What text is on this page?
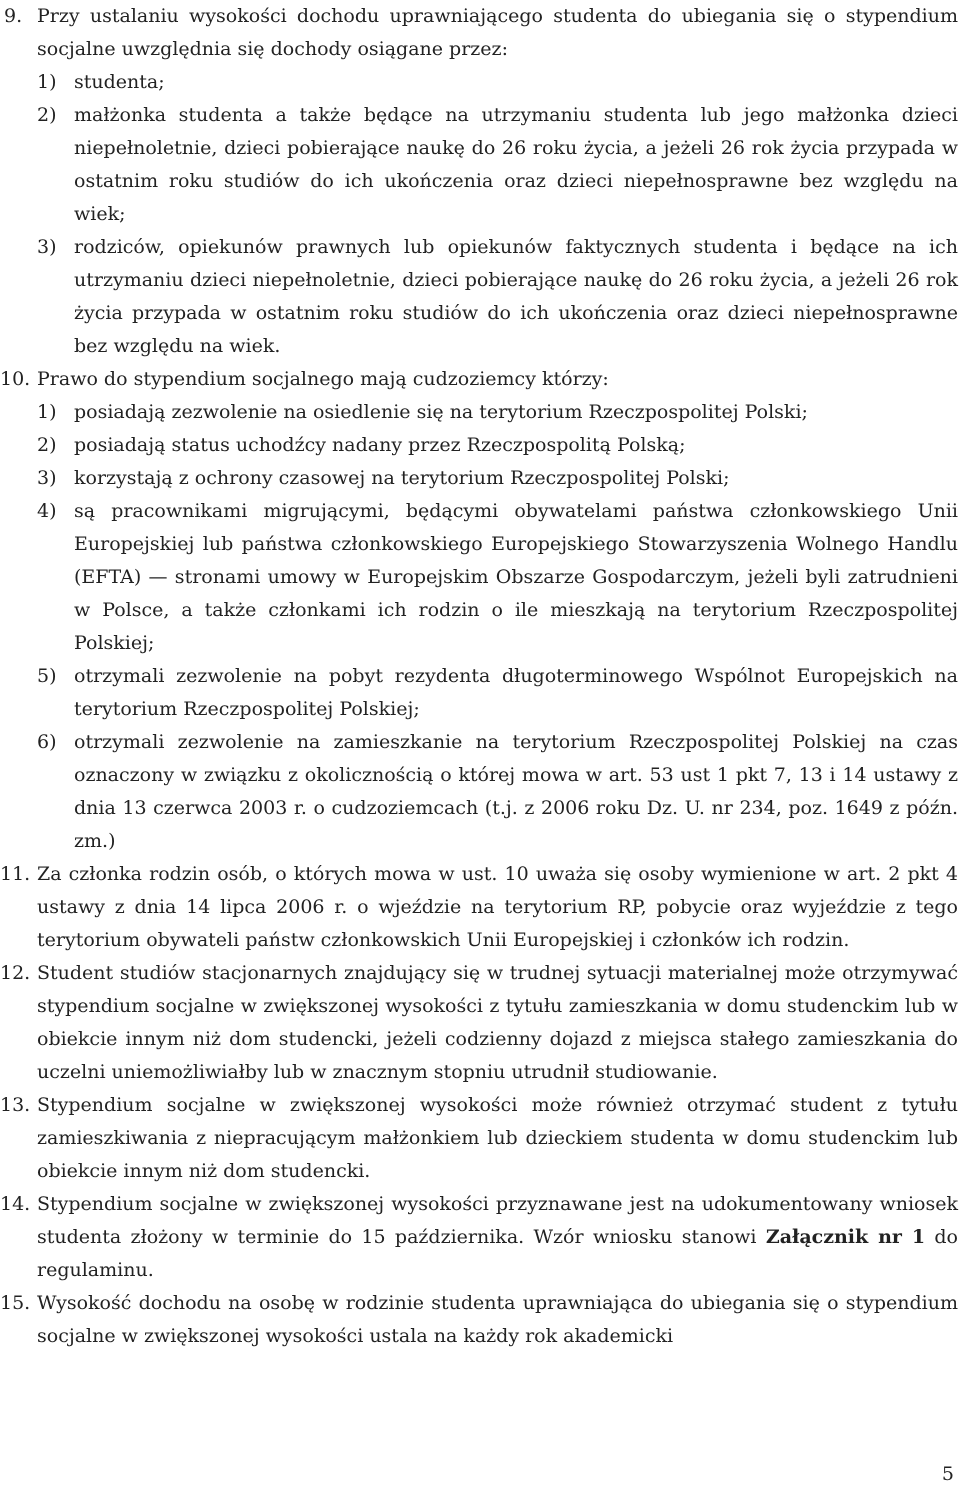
9. Przy ustalaniu wysokości dochodu uprawniającego studenta do ubiegania się o stypendium socjalne uwzględnia się dochody osiągane przez:
1) studenta;
2) małżonka studenta a także będące na utrzymaniu studenta lub jego małżonka dzieci niepełnoletnie, dzieci pobierające naukę do 26 roku życia, a jeżeli 26 rok życia przypada w ostatnim roku studiów do ich ukończenia oraz dzieci niepełnosprawne bez względu na wiek;
3) rodziców, opiekunów prawnych lub opiekunów faktycznych studenta i będące na ich utrzymaniu dzieci niepełnoletnie, dzieci pobierające naukę do 26 roku życia, a jeżeli 26 rok życia przypada w ostatnim roku studiów do ich ukończenia oraz dzieci niepełnosprawne bez względu na wiek.
10. Prawo do stypendium socjalnego mają cudzoziemcy którzy:
1) posiadają zezwolenie na osiedlenie się na terytorium Rzeczpospolitej Polski;
2) posiadają status uchodźcy nadany przez Rzeczpospolitą Polską;
3) korzystają z ochrony czasowej na terytorium Rzeczpospolitej Polski;
4) są pracownikami migrującymi, będącymi obywatelami państwa członkowskiego Unii Europejskiej lub państwa członkowskiego Europejskiego Stowarzyszenia Wolnego Handlu (EFTA) — stronami umowy w Europejskim Obszarze Gospodarczym, jeżeli byli zatrudnieni w Polsce, a także członkami ich rodzin o ile mieszkają na terytorium Rzeczpospolitej Polskiej;
5) otrzymali zezwolenie na pobyt rezydenta długoterminowego Wspólnot Europejskich na terytorium Rzeczpospolitej Polskiej;
6) otrzymali zezwolenie na zamieszkanie na terytorium Rzeczpospolitej Polskiej na czas oznaczony w związku z okolicznością o której mowa w art. 53 ust 1 pkt 7, 13 i 14 ustawy z dnia 13 czerwca 2003 r. o cudzoziemcach (t.j. z 2006 roku Dz. U. nr 234, poz. 1649 z późn. zm.)
11. Za członka rodzin osób, o których mowa w ust. 10 uważa się osoby wymienione w art. 2 pkt 4 ustawy z dnia 14 lipca 2006 r. o wjeździe na terytorium RP, pobycie oraz wyjeździe z tego terytorium obywateli państw członkowskich Unii Europejskiej i członków ich rodzin.
12. Student studiów stacjonarnych znajdujący się w trudnej sytuacji materialnej może otrzymywać stypendium socjalne w zwiększonej wysokości z tytułu zamieszkania w domu studenckim lub w obiekcie innym niż dom studencki, jeżeli codzienny dojazd z miejsca stałego zamieszkania do uczelni uniemożliwiałby lub w znacznym stopniu utrudnił studiowanie.
13. Stypendium socjalne w zwiększonej wysokości może również otrzymać student z tytułu zamieszkiwania z niepracującym małżonkiem lub dzieckiem studenta w domu studenckim lub obiekcie innym niż dom studencki.
14. Stypendium socjalne w zwiększonej wysokości przyznawane jest na udokumentowany wniosek studenta złożony w terminie do 15 października. Wzór wniosku stanowi Załącznik nr 1 do regulaminu.
15. Wysokość dochodu na osobę w rodzinie studenta uprawniająca do ubiegania się o stypendium socjalne w zwiększonej wysokości ustala na każdy rok akademicki
5
